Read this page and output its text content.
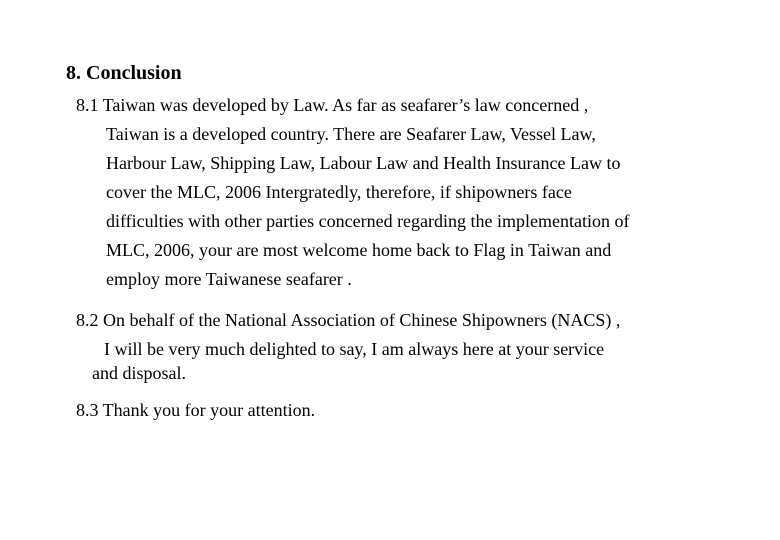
8. Conclusion
8.1 Taiwan was developed by Law. As far as seafarer’s law concerned ,
Taiwan is a developed country. There are Seafarer Law, Vessel Law,
Harbour Law, Shipping Law, Labour Law and Health Insurance Law to
cover the MLC, 2006 Intergratedly, therefore, if shipowners face
difficulties with other parties concerned regarding the implementation of
MLC, 2006, your are most welcome home back to Flag in Taiwan and
employ more Taiwanese seafarer .
8.2 On behalf of the National Association of Chinese Shipowners (NACS) ,
I will be very much delighted to say, I am always here at your service
and disposal.
8.3 Thank you for your attention.
